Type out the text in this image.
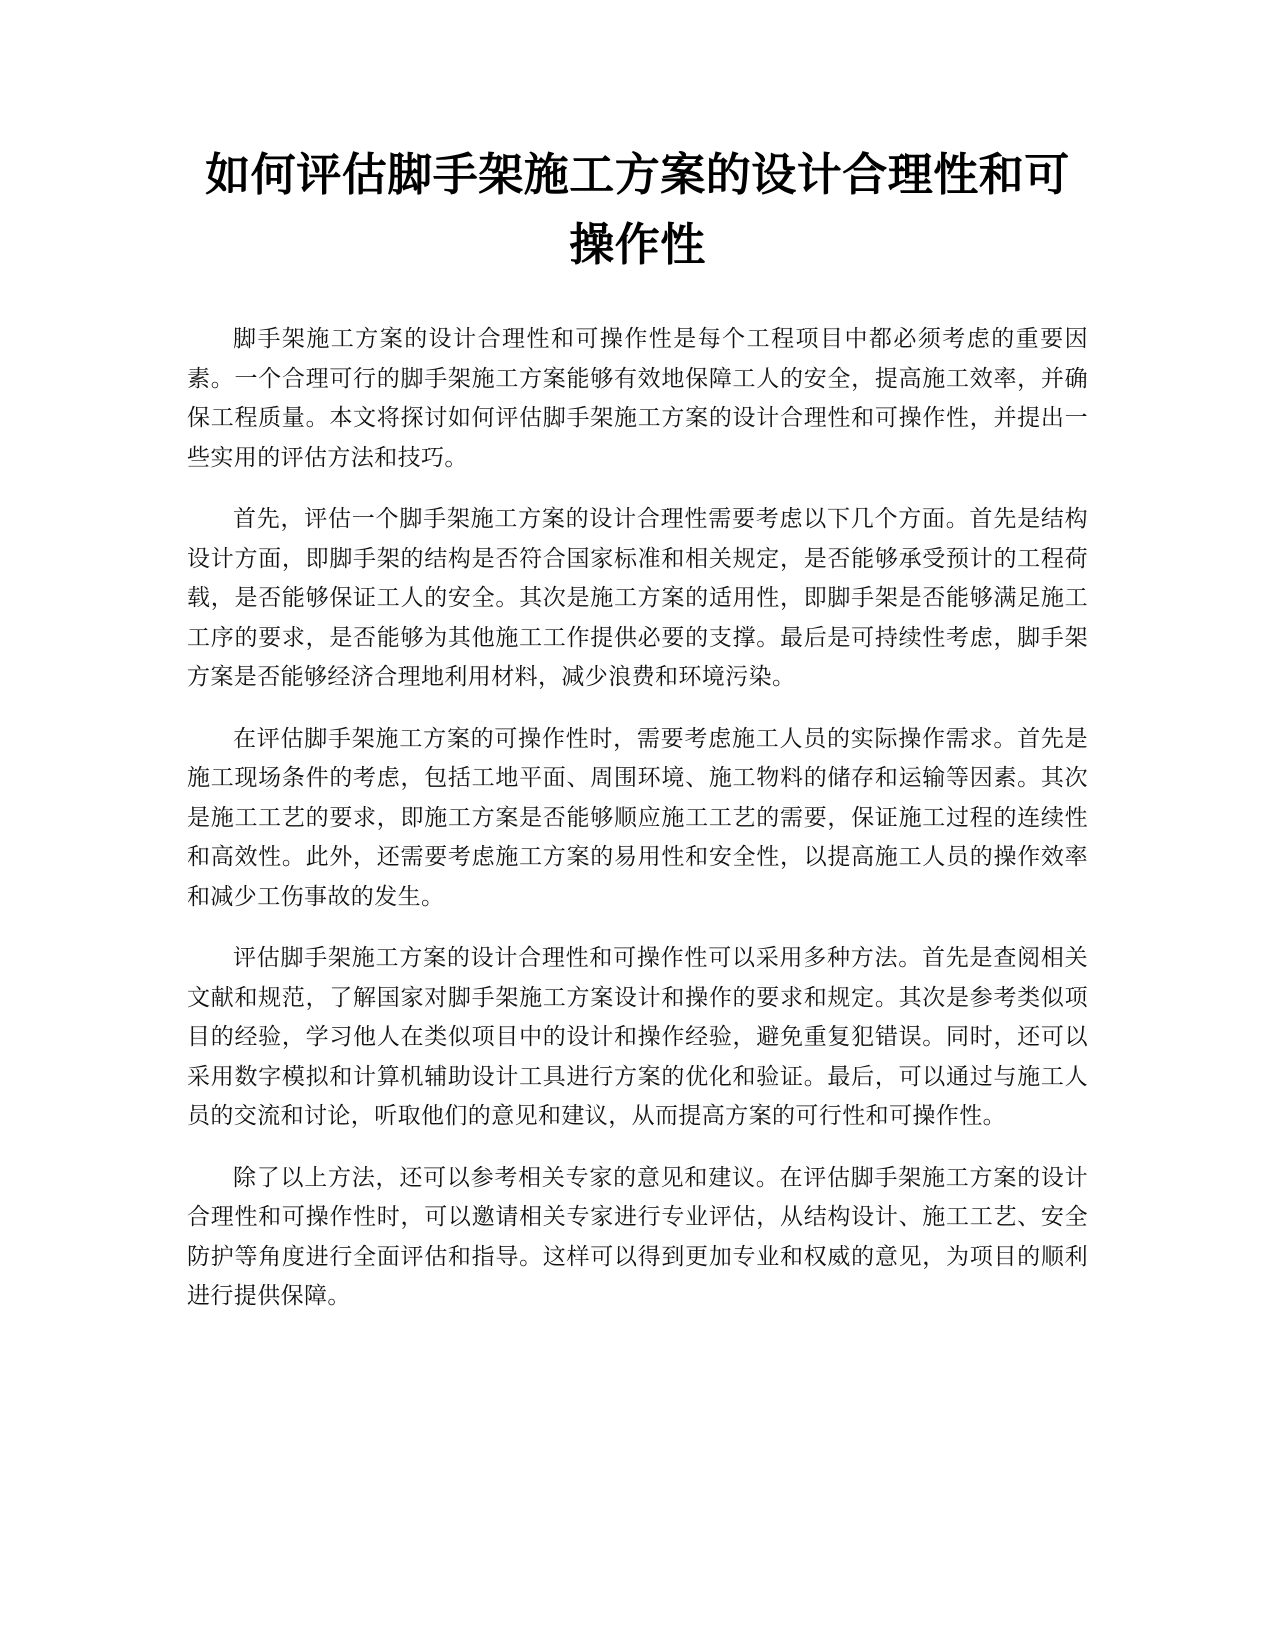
如何评估脚手架施工方案的设计合理性和可操作性

脚手架施工方案的设计合理性和可操作性是每个工程项目中都必须考虑的重要因素。一个合理可行的脚手架施工方案能够有效地保障工人的安全，提高施工效率，并确保工程质量。本文将探讨如何评估脚手架施工方案的设计合理性和可操作性，并提出一些实用的评估方法和技巧。

首先，评估一个脚手架施工方案的设计合理性需要考虑以下几个方面。首先是结构设计方面，即脚手架的结构是否符合国家标准和相关规定，是否能够承受预计的工程荷载，是否能够保证工人的安全。其次是施工方案的适用性，即脚手架是否能够满足施工工序的要求，是否能够为其他施工工作提供必要的支撑。最后是可持续性考虑，脚手架方案是否能够经济合理地利用材料，减少浪费和环境污染。

在评估脚手架施工方案的可操作性时，需要考虑施工人员的实际操作需求。首先是施工现场条件的考虑，包括工地平面、周围环境、施工物料的储存和运输等因素。其次是施工工艺的要求，即施工方案是否能够顺应施工工艺的需要，保证施工过程的连续性和高效性。此外，还需要考虑施工方案的易用性和安全性，以提高施工人员的操作效率和减少工伤事故的发生。

评估脚手架施工方案的设计合理性和可操作性可以采用多种方法。首先是查阅相关文献和规范，了解国家对脚手架施工方案设计和操作的要求和规定。其次是参考类似项目的经验，学习他人在类似项目中的设计和操作经验，避免重复犯错误。同时，还可以采用数字模拟和计算机辅助设计工具进行方案的优化和验证。最后，可以通过与施工人员的交流和讨论，听取他们的意见和建议，从而提高方案的可行性和可操作性。

除了以上方法，还可以参考相关专家的意见和建议。在评估脚手架施工方案的设计合理性和可操作性时，可以邀请相关专家进行专业评估，从结构设计、施工工艺、安全防护等角度进行全面评估和指导。这样可以得到更加专业和权威的意见，为项目的顺利进行提供保障。
